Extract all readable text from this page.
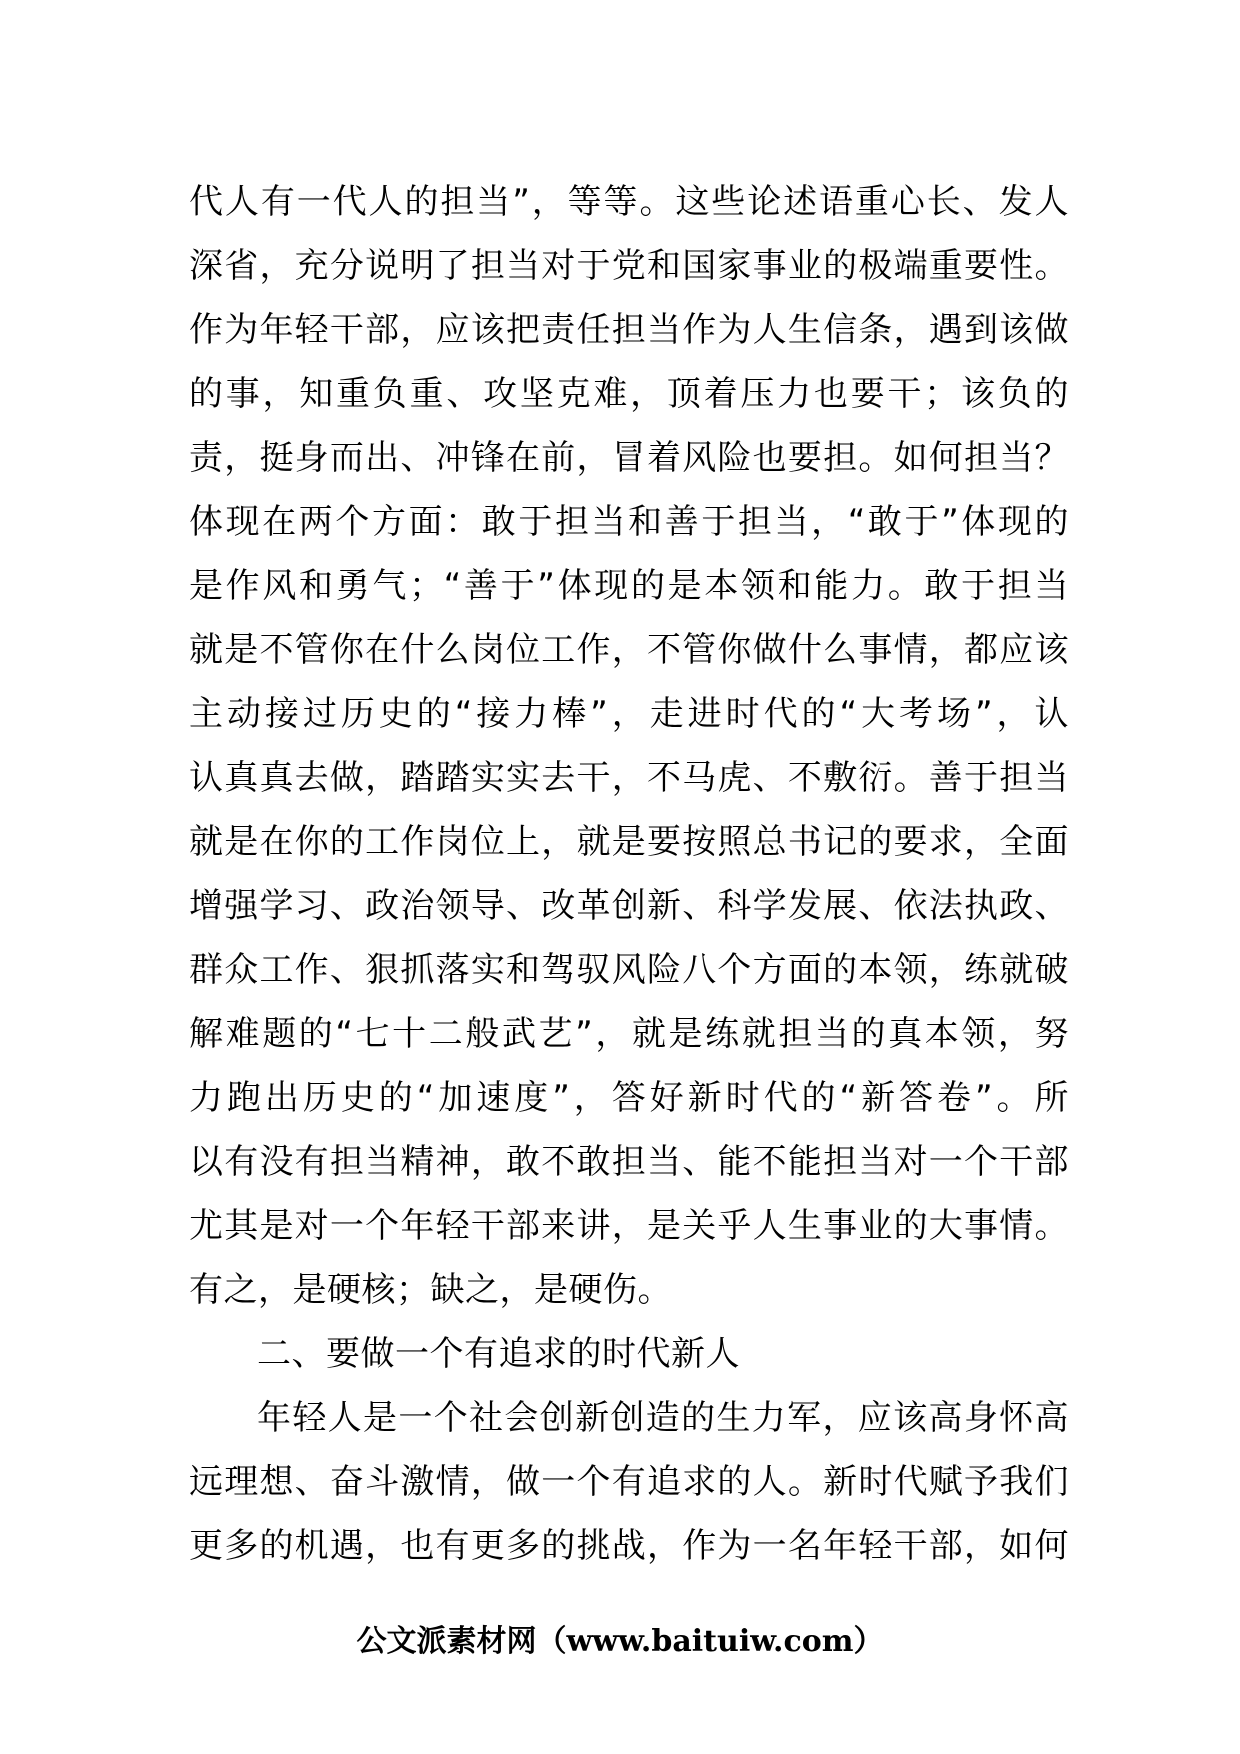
代人有一代人的担当”，等等。这些论述语重心长、发人
深省，充分说明了担当对于党和国家事业的极端重要性。
作为年轻干部，应该把责任担当作为人生信条，遇到该做
的事，知重负重、攻坚克难，顶着压力也要干；该负的
责，挺身而出、冲锋在前，冒着风险也要担。如何担当？
体现在两个方面：敢于担当和善于担当，“敢于”体现的
是作风和勇气；“善于”体现的是本领和能力。敢于担当
就是不管你在什么岗位工作，不管你做什么事情，都应该
主动接过历史的“接力棒”，走进时代的“大考场”，认
认真真去做，踏踏实实去干，不马虎、不敷衍。善于担当
就是在你的工作岗位上，就是要按照总书记的要求，全面
增强学习、政治领导、改革创新、科学发展、依法执政、
群众工作、狠抓落实和驾驭风险八个方面的本领，练就破
解难题的“七十二般武艺”，就是练就担当的真本领，努
力跑出历史的“加速度”，答好新时代的“新答卷”。所
以有没有担当精神，敢不敢担当、能不能担当对一个干部
尤其是对一个年轻干部来讲，是关乎人生事业的大事情。
有之，是硬核；缺之，是硬伤。
二、要做一个有追求的时代新人
年轻人是一个社会创新创造的生力军，应该高身怀高
远理想、奋斗激情，做一个有追求的人。新时代赋予我们
更多的机遇，也有更多的挑战，作为一名年轻干部，如何
公文派素材网（www.baituiw.com）
